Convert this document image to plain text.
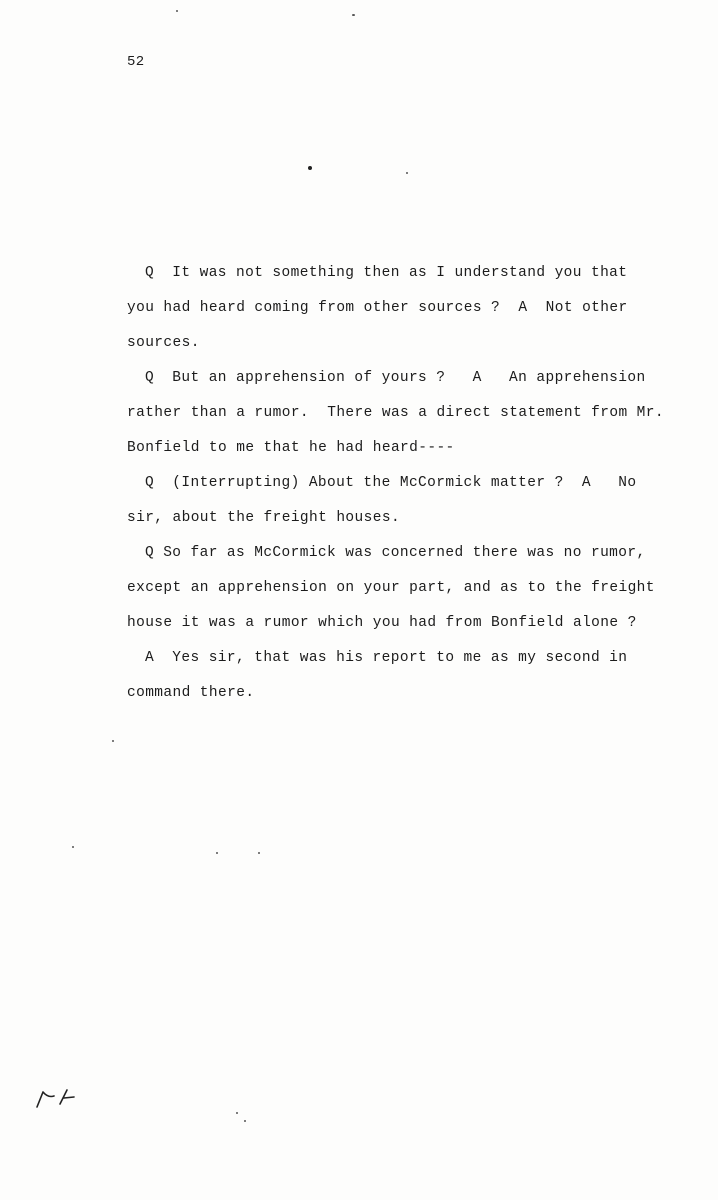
52
Q  It was not something then as I understand you that
you had heard coming from other sources ?  A  Not other
sources.
Q  But an apprehension of yours ?   A   An apprehension
rather than a rumor.  There was a direct statement from Mr.
Bonfield to me that he had heard----
Q  (Interrupting) About the McCormick matter ?  A   No
sir, about the freight houses.
Q So far as McCormick was concerned there was no rumor,
except an apprehension on your part, and as to the freight
house it was a rumor which you had from Bonfield alone ?
A  Yes sir, that was his report to me as my second in
command there.
